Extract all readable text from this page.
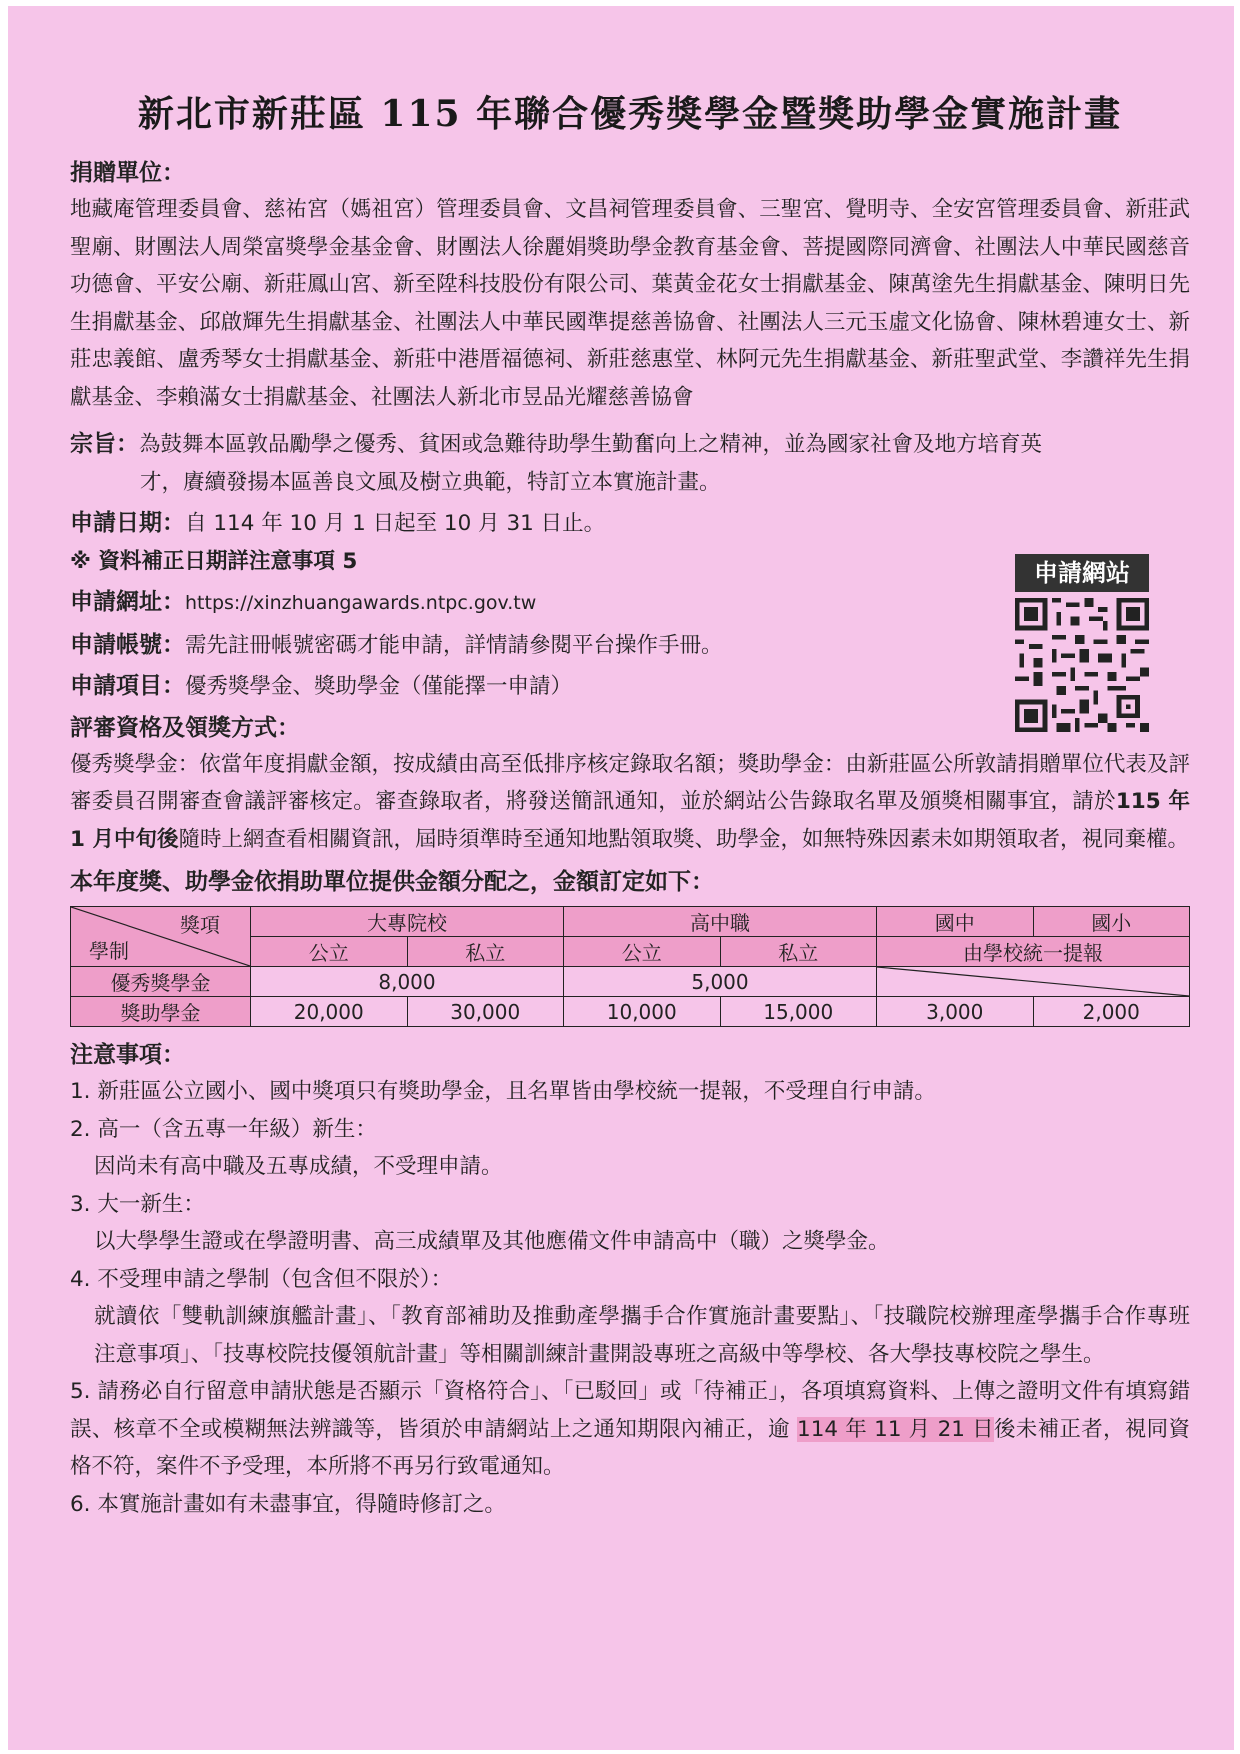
新北市新莊區 115 年聯合優秀獎學金暨獎助學金實施計畫

捐贈單位：

地藏庵管理委員會、慈祐宮（媽祖宮）管理委員會、文昌祠管理委員會、三聖宮、覺明寺、全安宮管理委員會、新莊武聖廟、財團法人周榮富獎學金基金會、財團法人徐麗娟獎助學金教育基金會、菩提國際同濟會、社團法人中華民國慈音功德會、平安公廟、新莊鳳山宮、新至陞科技股份有限公司、葉黃金花女士捐獻基金、陳萬塗先生捐獻基金、陳明日先生捐獻基金、邱啟輝先生捐獻基金、社團法人中華民國準提慈善協會、社團法人三元玉虛文化協會、陳林碧連女士、新莊忠義館、盧秀琴女士捐獻基金、新莊中港厝福德祠、新莊慈惠堂、林阿元先生捐獻基金、新莊聖武堂、李讚祥先生捐獻基金、李賴滿女士捐獻基金、社團法人新北市昱品光耀慈善協會

宗旨：為鼓舞本區敦品勵學之優秀、貧困或急難待助學生勤奮向上之精神，並為國家社會及地方培育英
才，賡續發揚本區善良文風及樹立典範，特訂立本實施計畫。
申請日期：自 114 年 10 月 1 日起至 10 月 31 日止。
※ 資料補正日期詳注意事項 5
申請網址：https://xinzhuangawards.ntpc.gov.tw
申請帳號：需先註冊帳號密碼才能申請，詳情請參閱平台操作手冊。
申請項目：優秀獎學金、獎助學金（僅能擇一申請）

評審資格及領獎方式：

優秀獎學金：依當年度捐獻金額，按成績由高至低排序核定錄取名額；獎助學金：由新莊區公所敦請捐贈單位代表及評審委員召開審查會議評審核定。審查錄取者，將發送簡訊通知，並於網站公告錄取名單及頒獎相關事宜，請於115 年 1 月中旬後隨時上網查看相關資訊，屆時須準時至通知地點領取獎、助學金，如無特殊因素未如期領取者，視同棄權。

本年度獎、助學金依捐助單位提供金額分配之，金額訂定如下：

獎項
學制	大專院校		高中職		國中	國小
	公立	私立	公立	私立	由學校統一提報	
優秀獎學金	8,000		5,000	

獎助學金	20,000	30,000	10,000	15,000	3,000	2,000

注意事項：

1. 新莊區公立國小、國中獎項只有獎助學金，且名單皆由學校統一提報，不受理自行申請。

2. 高一（含五專一年級）新生：

因尚未有高中職及五專成績，不受理申請。

3. 大一新生：

以大學學生證或在學證明書、高三成績單及其他應備文件申請高中（職）之獎學金。

4. 不受理申請之學制（包含但不限於）：

就讀依「雙軌訓練旗艦計畫」、「教育部補助及推動產學攜手合作實施計畫要點」、「技職院校辦理產學攜手合作專班注意事項」、「技專校院技優領航計畫」等相關訓練計畫開設專班之高級中等學校、各大學技專校院之學生。

5. 請務必自行留意申請狀態是否顯示「資格符合」、「已駁回」或「待補正」，各項填寫資料、上傳之證明文件有填寫錯誤、核章不全或模糊無法辨識等，皆須於申請網站上之通知期限內補正，逾 114 年 11 月 21 日後未補正者，視同資格不符，案件不予受理，本所將不再另行致電通知。

6. 本實施計畫如有未盡事宜，得隨時修訂之。

申請網站
